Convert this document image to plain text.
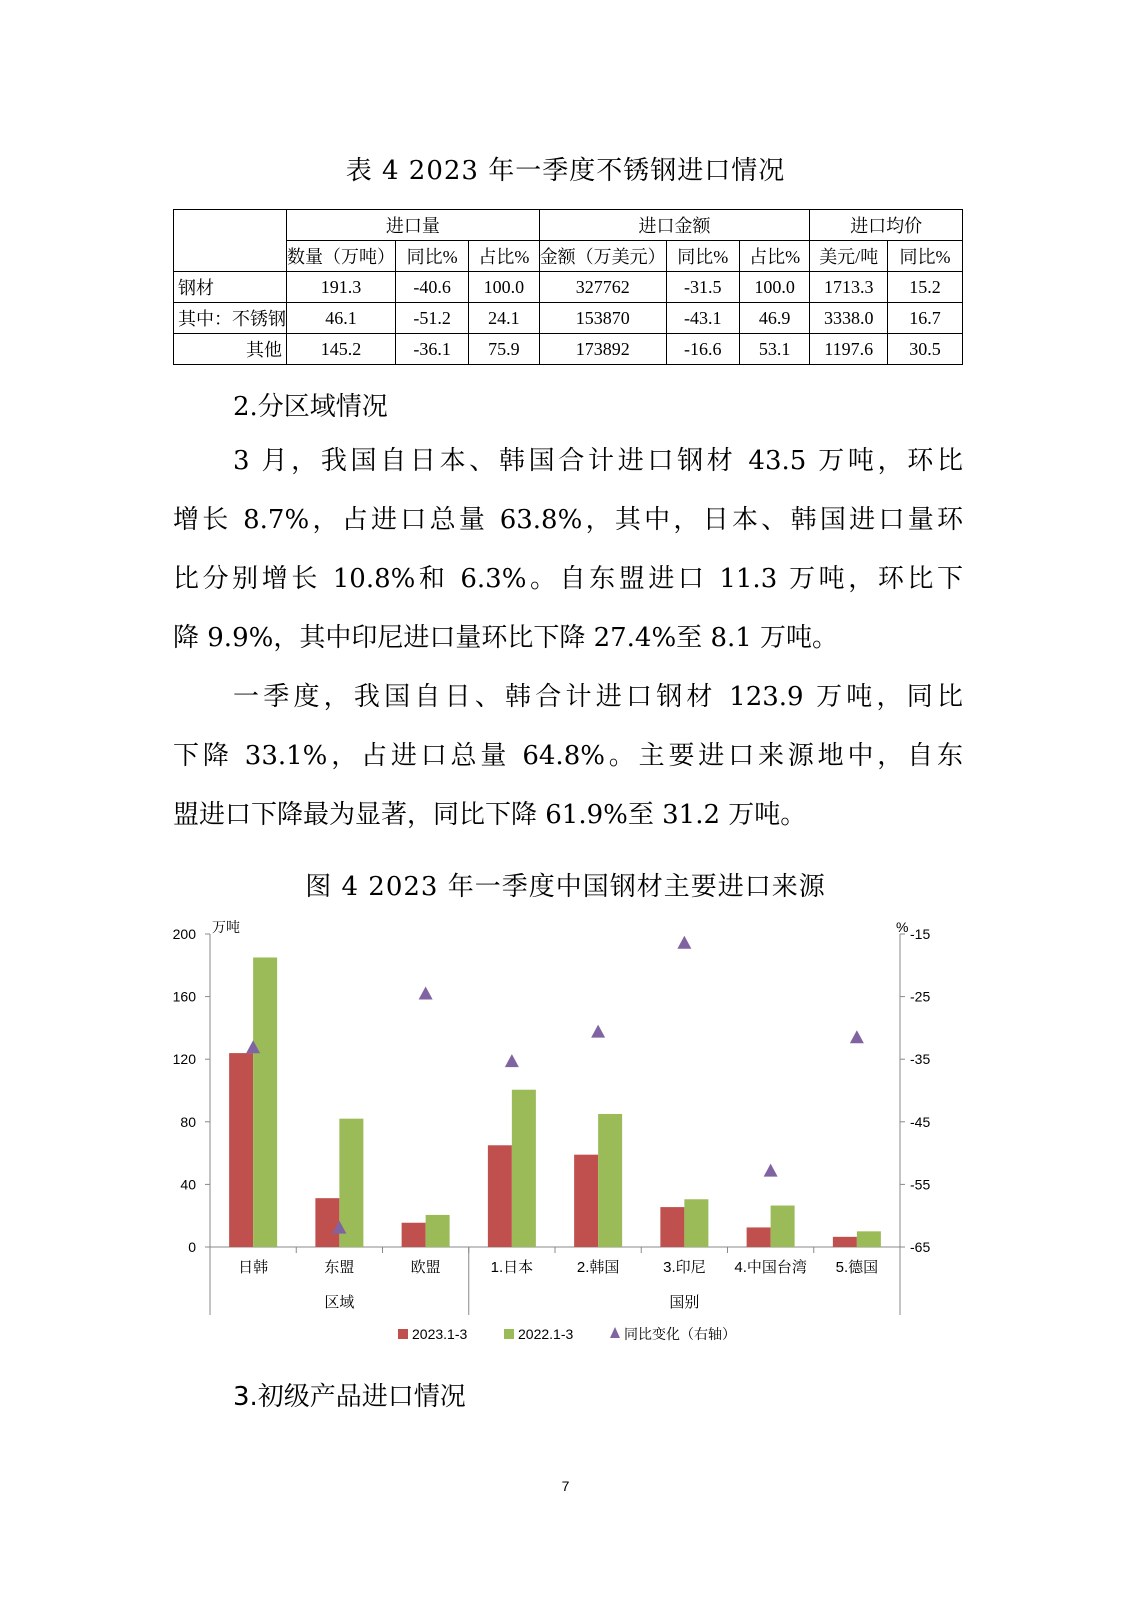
表 4 2023 年一季度不锈钢进口情况
	进口量			进口金额			进口均价	
	数量（万吨）	同比%	占比%	金额（万美元）	同比%	占比%	美元/吨	同比%
钢材	191.3	-40.6	100.0	327762	-31.5	100.0	1713.3	15.2
其中：不锈钢	46.1	-51.2	24.1	153870	-43.1	46.9	3338.0	16.7
其他	145.2	-36.1	75.9	173892	-16.6	53.1	1197.6	30.5
2.分区域情况
3 月，我国自日本、韩国合计进口钢材 43.5 万吨，环比
增长 8.7%，占进口总量 63.8%，其中，日本、韩国进口量环
比分别增长 10.8%和 6.3%。自东盟进口 11.3 万吨，环比下
降 9.9%，其中印尼进口量环比下降 27.4%至 8.1 万吨。
一季度，我国自日、韩合计进口钢材 123.9 万吨，同比
下降 33.1%，占进口总量 64.8%。主要进口来源地中，自东
盟进口下降最为显著，同比下降 61.9%至 31.2 万吨。
图 4 2023 年一季度中国钢材主要进口来源
0
40
80
120
160
200
-65
-55
-45
-35
-25
-15
万吨	%
区域	国别
日韩	东盟	欧盟	1.日本	2.韩国	3.印尼 4.中国台湾 5.德国
2023.1-3	2022.1-3	同比变化（右轴）
3.初级产品进口情况
7
